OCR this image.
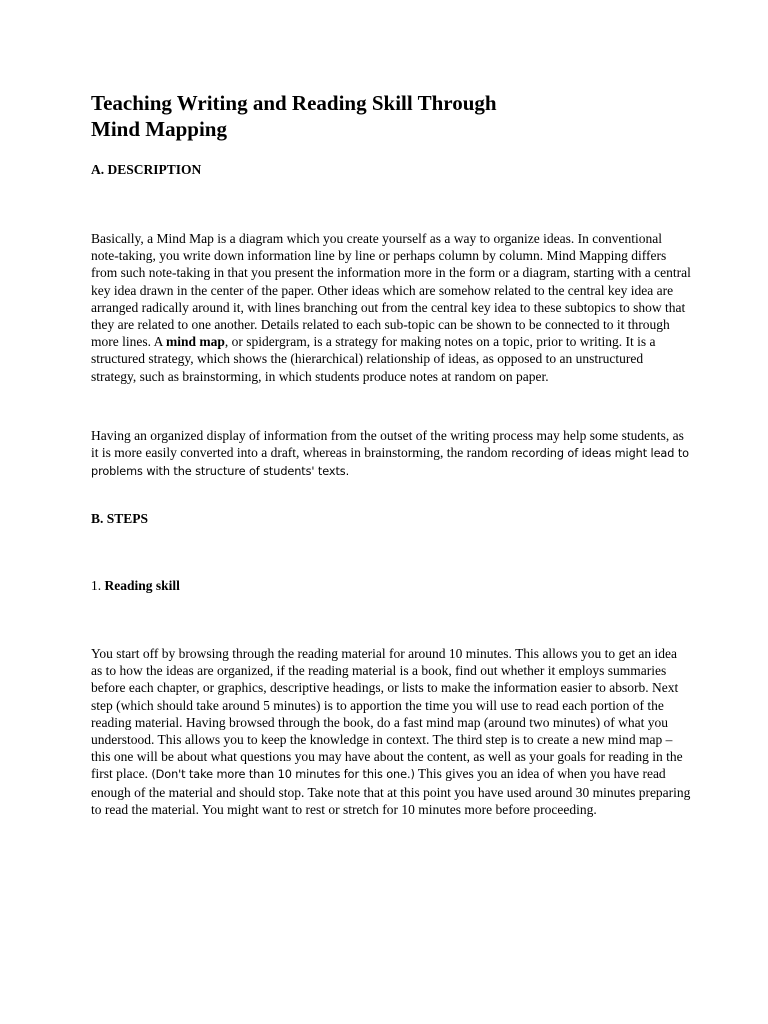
Teaching Writing and Reading Skill Through
Mind Mapping

A. DESCRIPTION

Basically, a Mind Map is a diagram which you create yourself as a way to organize ideas. In conventional note-taking, you write down information line by line or perhaps column by column. Mind Mapping differs from such note-taking in that you present the information more in the form or a diagram, starting with a central key idea drawn in the center of the paper. Other ideas which are somehow related to the central key idea are arranged radically around it, with lines branching out from the central key idea to these subtopics to show that they are related to one another. Details related to each sub-topic can be shown to be connected to it through more lines. A mind map, or spidergram, is a strategy for making notes on a topic, prior to writing. It is a structured strategy, which shows the (hierarchical) relationship of ideas, as opposed to an unstructured strategy, such as brainstorming, in which students produce notes at random on paper.

Having an organized display of information from the outset of the writing process may help some students, as it is more easily converted into a draft, whereas in brainstorming, the random recording of ideas might lead to problems with the structure of students' texts.

B. STEPS

1. Reading skill

You start off by browsing through the reading material for around 10 minutes. This allows you to get an idea as to how the ideas are organized, if the reading material is a book, find out whether it employs summaries before each chapter, or graphics, descriptive headings, or lists to make the information easier to absorb. Next step (which should take around 5 minutes) is to apportion the time you will use to read each portion of the reading material. Having browsed through the book, do a fast mind map (around two minutes) of what you understood. This allows you to keep the knowledge in context. The third step is to create a new mind map – this one will be about what questions you may have about the content, as well as your goals for reading in the first place. (Don't take more than 10 minutes for this one.) This gives you an idea of when you have read enough of the material and should stop. Take note that at this point you have used around 30 minutes preparing to read the material. You might want to rest or stretch for 10 minutes more before proceeding.
